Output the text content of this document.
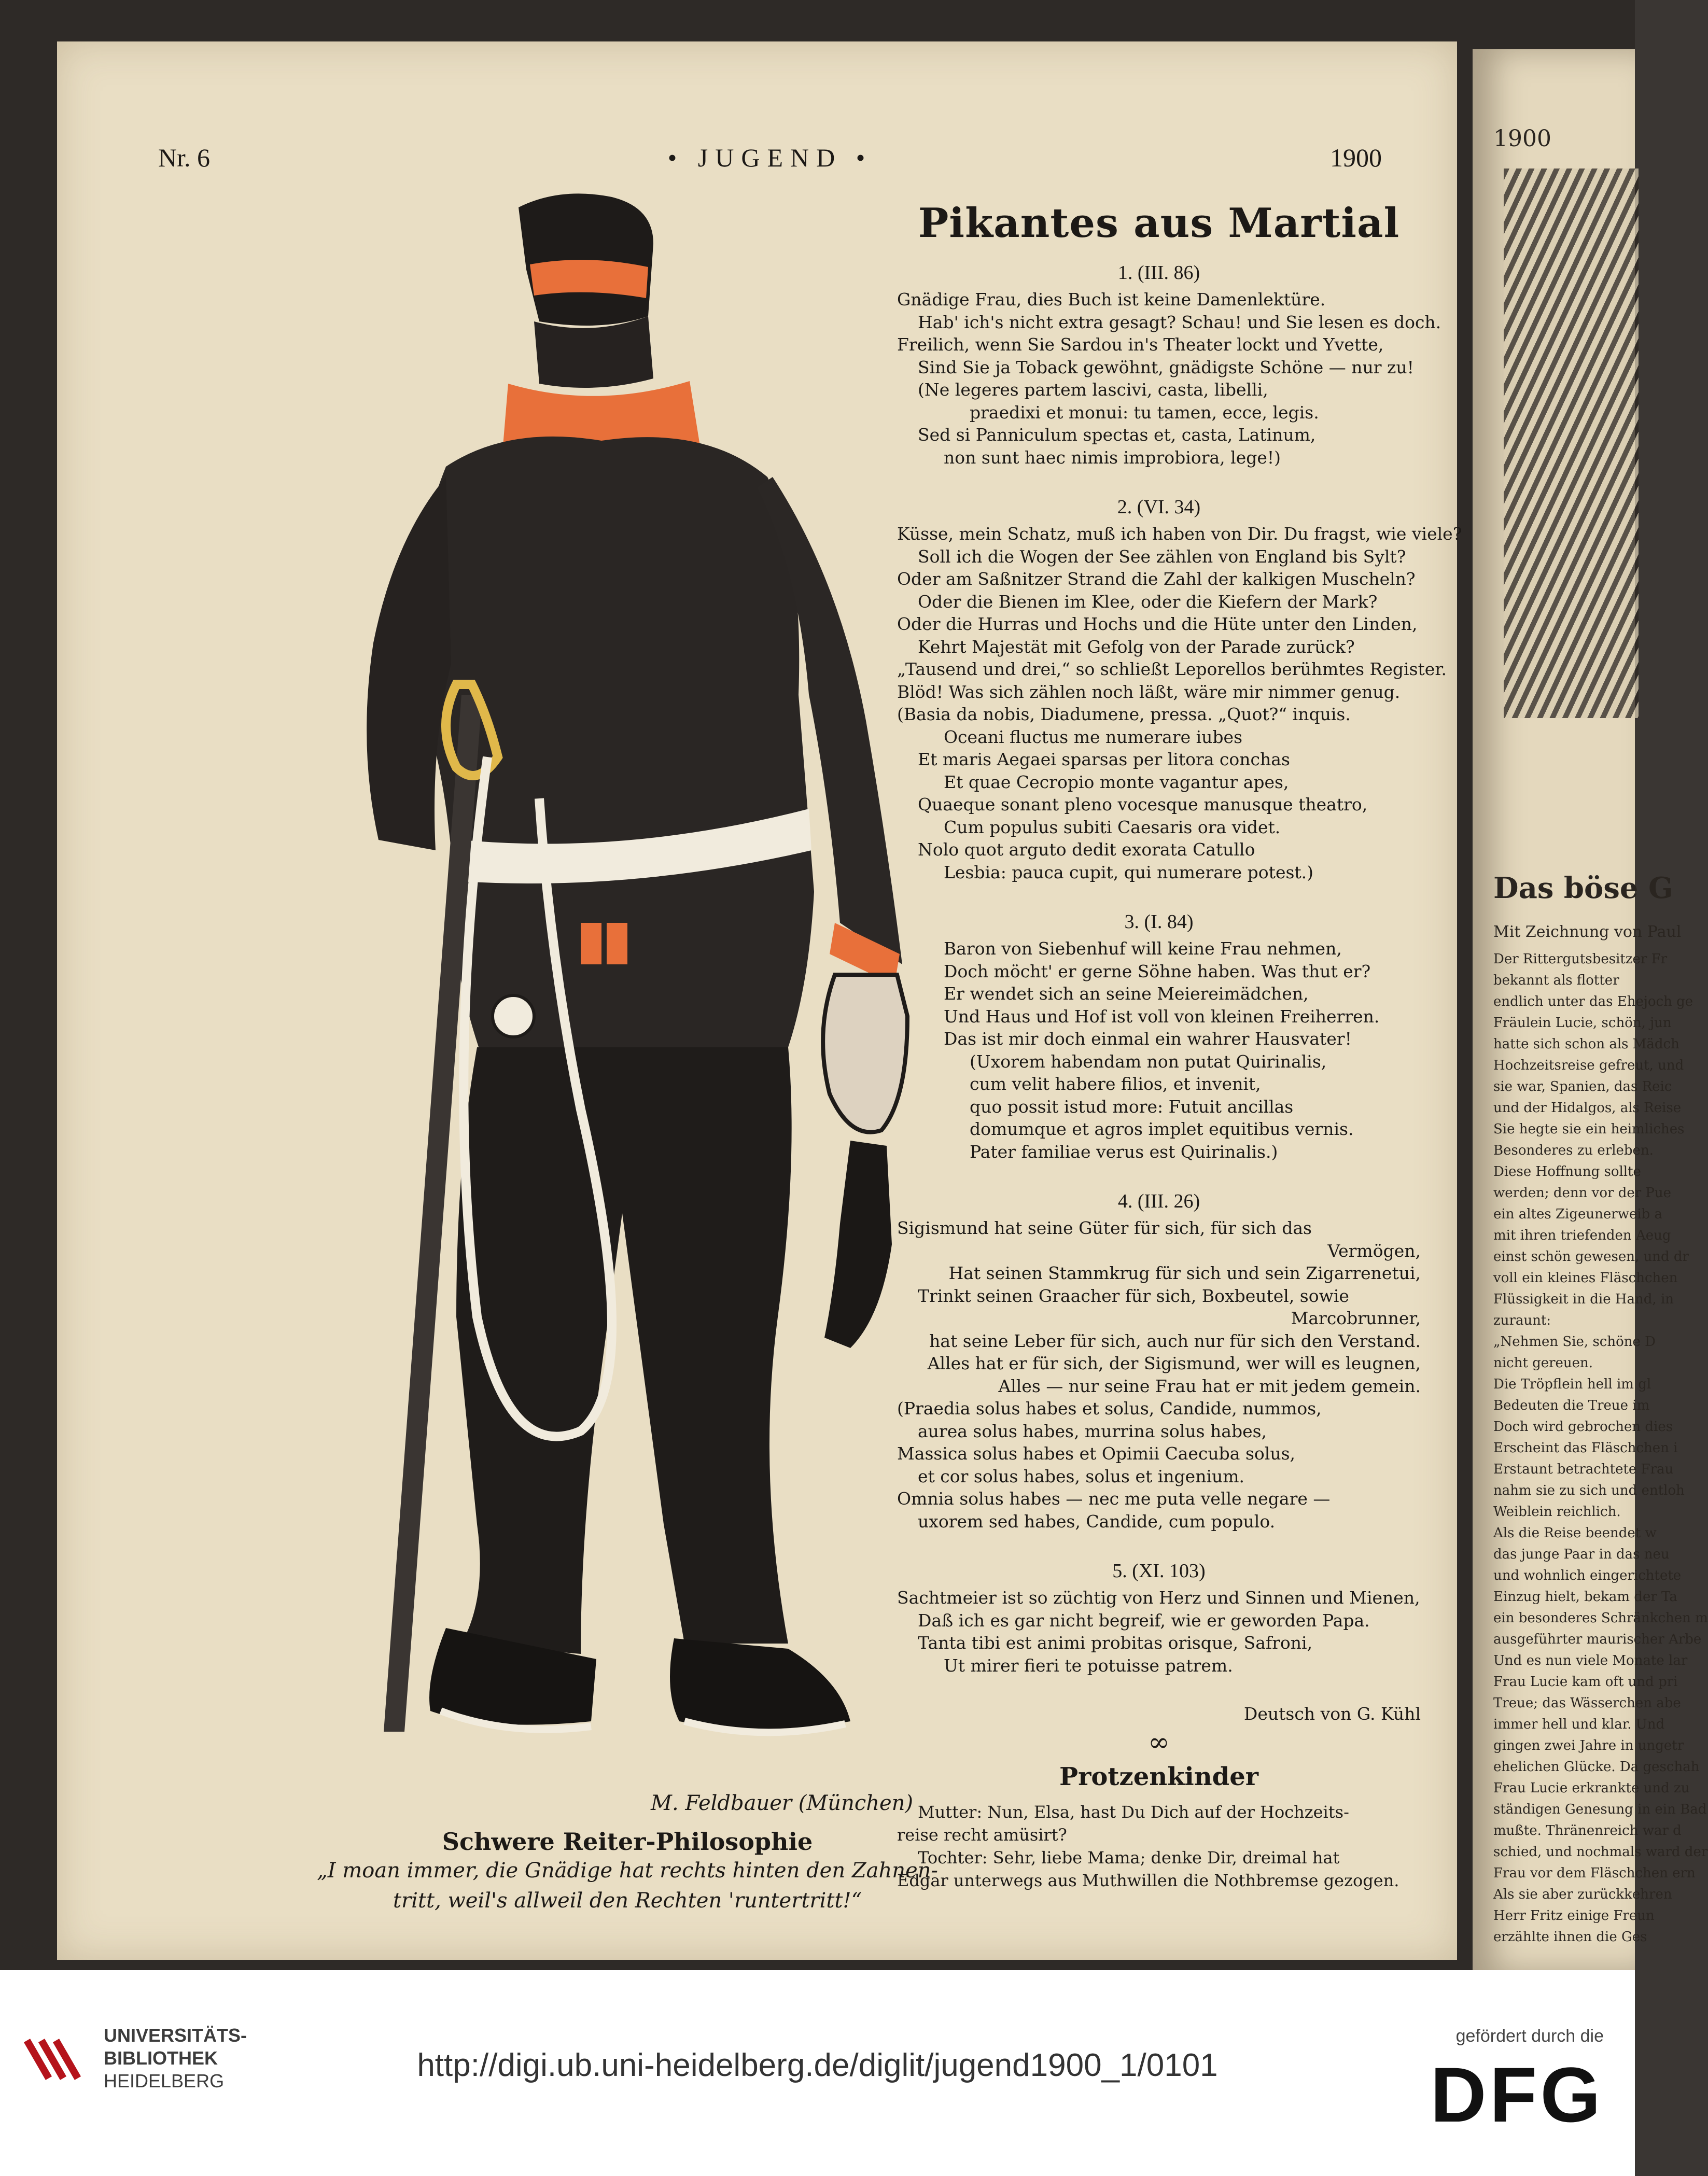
1900
Das böse G
Mit Zeichnung von Paul
Der Rittergutsbesitzer Fr
bekannt als flotter
endlich unter das Ehejoch ge
Fräulein Lucie, schön, jun
hatte sich schon als Mädch
Hochzeitsreise gefreut, und
sie war, Spanien, das Reic
und der Hidalgos, als Reise
Sie hegte sie ein heimliches
Besonderes zu erleben.
Diese Hoffnung sollte
werden; denn vor der Pue
ein altes Zigeunerweib a
mit ihren triefenden Aeug
einst schön gewesen, und dr
voll ein kleines Fläschchen
Flüssigkeit in die Hand, in
zuraunt:
„Nehmen Sie, schöne D
nicht gereuen.
Die Tröpflein hell im gl
Bedeuten die Treue im
Doch wird gebrochen dies
Erscheint das Fläschchen i
Erstaunt betrachtete Frau
nahm sie zu sich und entloh
Weiblein reichlich.
Als die Reise beendet w
das junge Paar in das neu
und wohnlich eingerichtete
Einzug hielt, bekam der Ta
ein besonderes Schränkchen m
ausgeführter maurischer Arbe
Und es nun viele Monate lar
Frau Lucie kam oft und pri
Treue; das Wässerchen abe
immer hell und klar. Und
gingen zwei Jahre in ungetr
ehelichen Glücke. Da geschah
Frau Lucie erkrankte und zu
ständigen Genesung in ein Bad
mußte. Thränenreich war d
schied, und nochmals ward der
Frau vor dem Fläschchen ern
Als sie aber zurückkehren
Herr Fritz einige Freun
erzählte ihnen die Ges
Nr. 6	• JUGEND •	1900
M. Feldbauer (München)
Schwere Reiter-Philosophie
„I moan immer, die Gnädige hat rechts hinten den Zahnen-
tritt, weil's allweil den Rechten 'runtertritt!“
Pikantes aus Martial
1. (III. 86)
Gnädige Frau, dies Buch ist keine Damenlektüre.
Hab' ich's nicht extra gesagt? Schau! und Sie lesen es doch.
Freilich, wenn Sie Sardou in's Theater lockt und Yvette,
Sind Sie ja Toback gewöhnt, gnädigste Schöne — nur zu!
(Ne legeres partem lascivi, casta, libelli,
praedixi et monui: tu tamen, ecce, legis.
Sed si Panniculum spectas et, casta, Latinum,
non sunt haec nimis improbiora, lege!)
2. (VI. 34)
Küsse, mein Schatz, muß ich haben von Dir. Du fragst, wie viele?
Soll ich die Wogen der See zählen von England bis Sylt?
Oder am Saßnitzer Strand die Zahl der kalkigen Muscheln?
Oder die Bienen im Klee, oder die Kiefern der Mark?
Oder die Hurras und Hochs und die Hüte unter den Linden,
Kehrt Majestät mit Gefolg von der Parade zurück?
„Tausend und drei,“ so schließt Leporellos berühmtes Register.
Blöd! Was sich zählen noch läßt, wäre mir nimmer genug.
(Basia da nobis, Diadumene, pressa. „Quot?“ inquis.
Oceani fluctus me numerare iubes
Et maris Aegaei sparsas per litora conchas
Et quae Cecropio monte vagantur apes,
Quaeque sonant pleno vocesque manusque theatro,
Cum populus subiti Caesaris ora videt.
Nolo quot arguto dedit exorata Catullo
Lesbia: pauca cupit, qui numerare potest.)
3. (I. 84)
Baron von Siebenhuf will keine Frau nehmen,
Doch möcht' er gerne Söhne haben. Was thut er?
Er wendet sich an seine Meiereimädchen,
Und Haus und Hof ist voll von kleinen Freiherren.
Das ist mir doch einmal ein wahrer Hausvater!
(Uxorem habendam non putat Quirinalis,
cum velit habere filios, et invenit,
quo possit istud more: Futuit ancillas
domumque et agros implet equitibus vernis.
Pater familiae verus est Quirinalis.)
4. (III. 26)
Sigismund hat seine Güter für sich, für sich das
Vermögen,
Hat seinen Stammkrug für sich und sein Zigarrenetui,
Trinkt seinen Graacher für sich, Boxbeutel, sowie
Marcobrunner,
hat seine Leber für sich, auch nur für sich den Verstand.
Alles hat er für sich, der Sigismund, wer will es leugnen,
Alles — nur seine Frau hat er mit jedem gemein.
(Praedia solus habes et solus, Candide, nummos,
aurea solus habes, murrina solus habes,
Massica solus habes et Opimii Caecuba solus,
et cor solus habes, solus et ingenium.
Omnia solus habes — nec me puta velle negare —
uxorem sed habes, Candide, cum populo.
5. (XI. 103)
Sachtmeier ist so züchtig von Herz und Sinnen und Mienen,
Daß ich es gar nicht begreif, wie er geworden Papa.
Tanta tibi est animi probitas orisque, Safroni,
Ut mirer fieri te potuisse patrem.
Deutsch von G. Kühl
∞
Protzenkinder
Mutter: Nun, Elsa, hast Du Dich auf der Hochzeits-
reise recht amüsirt?
Tochter: Sehr, liebe Mama; denke Dir, dreimal hat
Edgar unterwegs aus Muthwillen die Nothbremse gezogen.
UNIVERSITÄTS-
BIBLIOTHEK
HEIDELBERG	http://digi.ub.uni-heidelberg.de/diglit/jugend1900_1/0101
gefördert durch die
DFG
